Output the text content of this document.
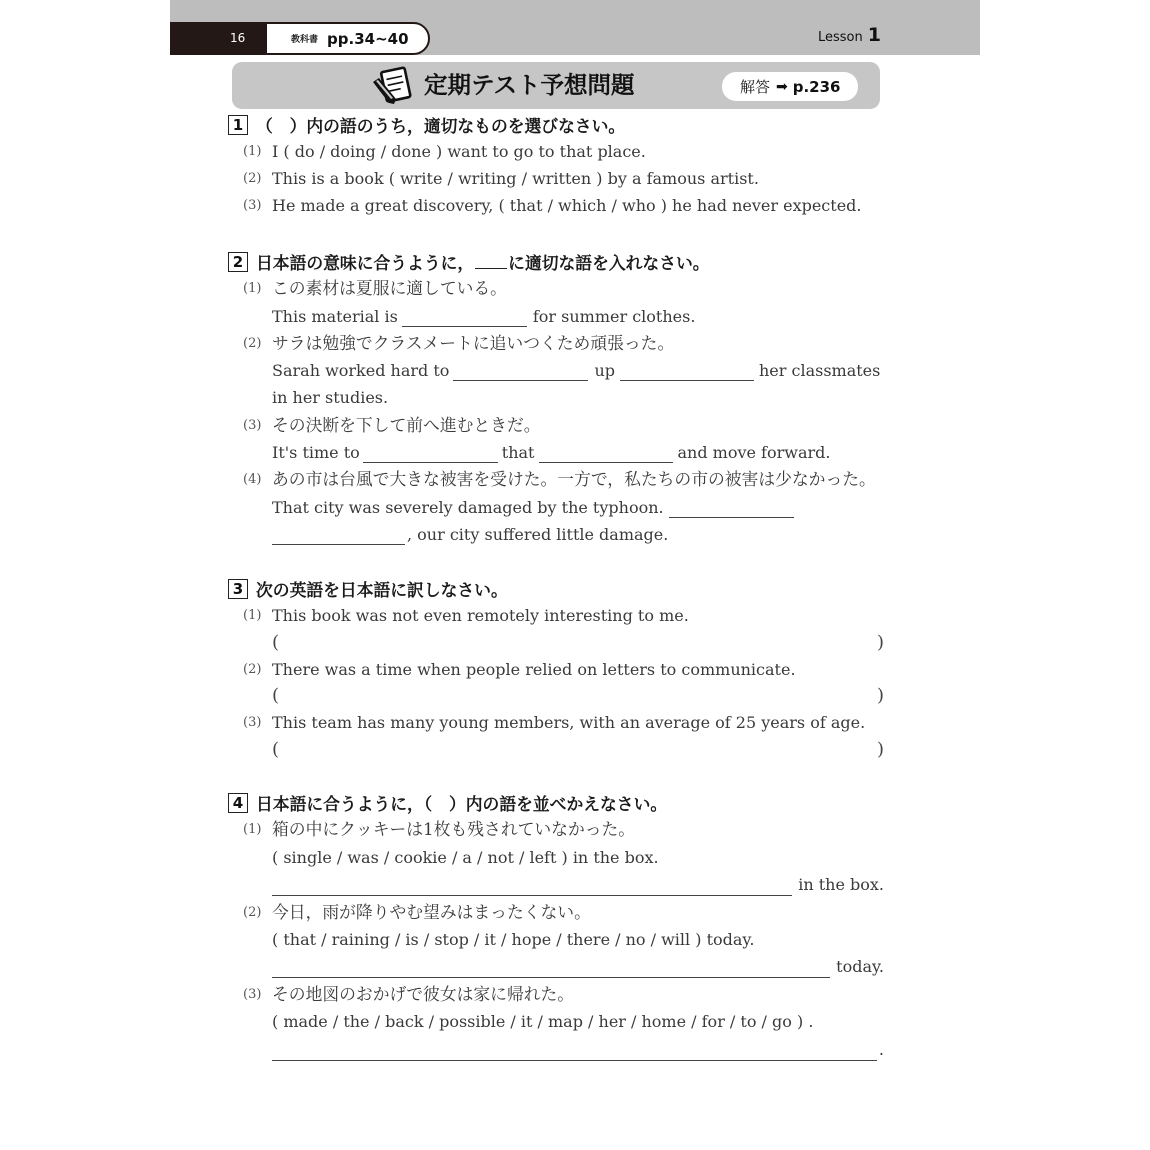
16	教科書 pp.34~40	Lesson 1
定期テスト予想問題	解答 ➡ p.236
1 （　）内の語のうち，適切なものを選びなさい。
(1) I ( do / doing / done ) want to go to that place.
(2) This is a book ( write / writing / written ) by a famous artist.
(3) He made a great discovery, ( that / which / who ) he had never expected.
2 日本語の意味に合うように， に適切な語を入れなさい。
(1) この素材は夏服に適している。
This material is	for summer clothes.
(2) サラは勉強でクラスメートに追いつくため頑張った。
Sarah worked hard to	up	her classmates
in her studies.
(3) その決断を下して前へ進むときだ。
It's time to	that	and move forward.
(4) あの市は台風で大きな被害を受けた。一方で，私たちの市の被害は少なかった。
That city was severely damaged by the typhoon.
, our city suffered little damage.
3 次の英語を日本語に訳しなさい。
(1) This book was not even remotely interesting to me.
(	)
(2) There was a time when people relied on letters to communicate.
(	)
(3) This team has many young members, with an average of 25 years of age.
(	)
4 日本語に合うように，（　）内の語を並べかえなさい。
(1) 箱の中にクッキーは1枚も残されていなかった。
( single / was / cookie / a / not / left ) in the box.
in the box.
(2) 今日，雨が降りやむ望みはまったくない。
( that / raining / is / stop / it / hope / there / no / will ) today.
today.
(3) その地図のおかげで彼女は家に帰れた。
( made / the / back / possible / it / map / her / home / for / to / go ) .
.
